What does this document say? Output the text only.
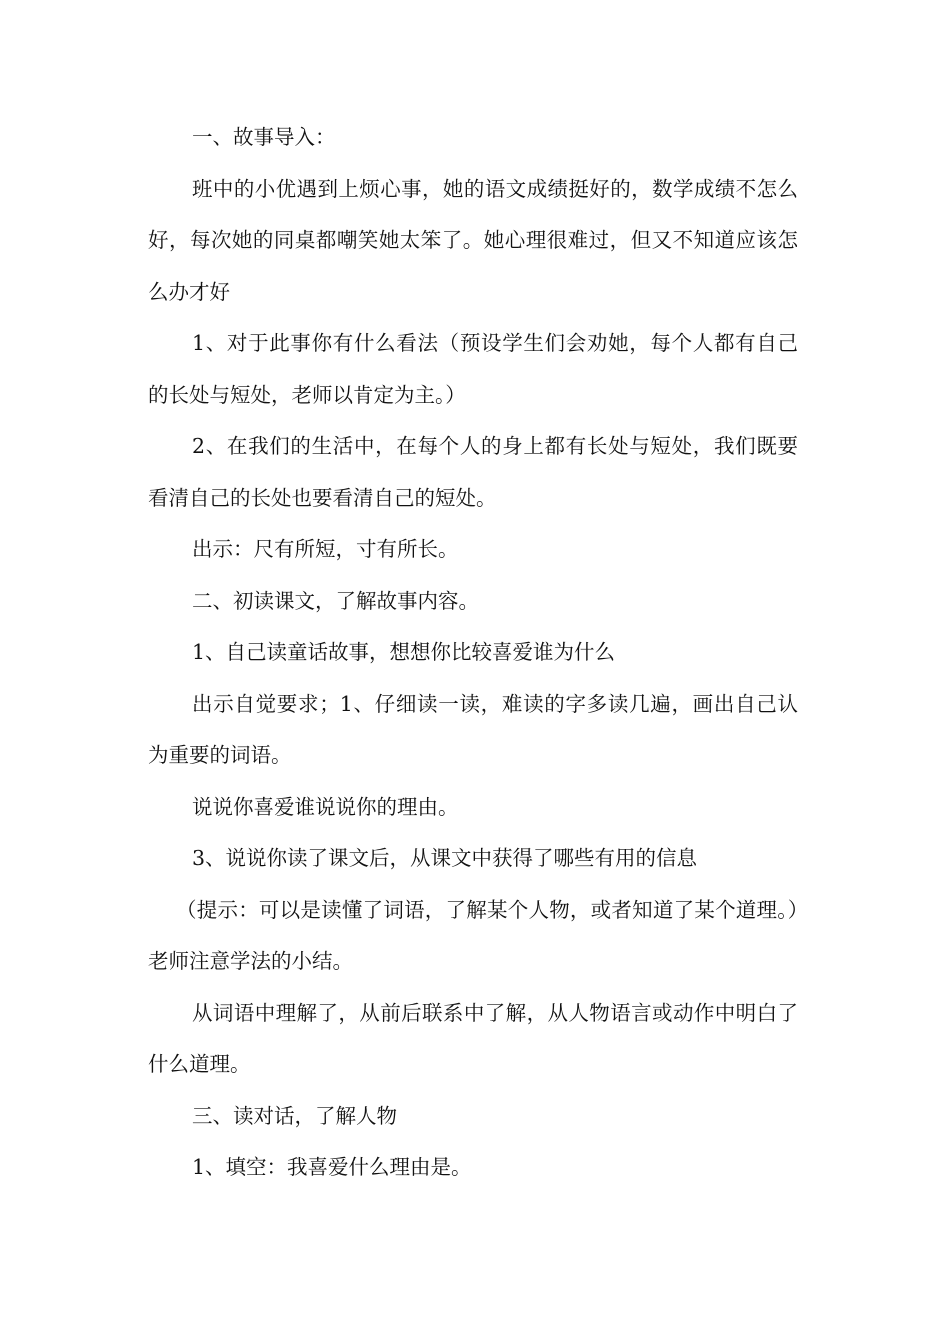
一、故事导入：

班中的小优遇到上烦心事，她的语文成绩挺好的，数学成绩不怎么好，每次她的同桌都嘲笑她太笨了。她心理很难过，但又不知道应该怎么办才好

1、对于此事你有什么看法（预设学生们会劝她，每个人都有自己的长处与短处，老师以肯定为主。）

2、在我们的生活中，在每个人的身上都有长处与短处，我们既要看清自己的长处也要看清自己的短处。

出示：尺有所短，寸有所长。

二、初读课文，了解故事内容。

1、自己读童话故事，想想你比较喜爱谁为什么

出示自觉要求；1、仔细读一读，难读的字多读几遍，画出自己认为重要的词语。

说说你喜爱谁说说你的理由。

3、说说你读了课文后，从课文中获得了哪些有用的信息

（提示：可以是读懂了词语，了解某个人物，或者知道了某个道理。）老师注意学法的小结。

从词语中理解了，从前后联系中了解，从人物语言或动作中明白了什么道理。

三、读对话，了解人物

1、填空：我喜爱什么理由是。
